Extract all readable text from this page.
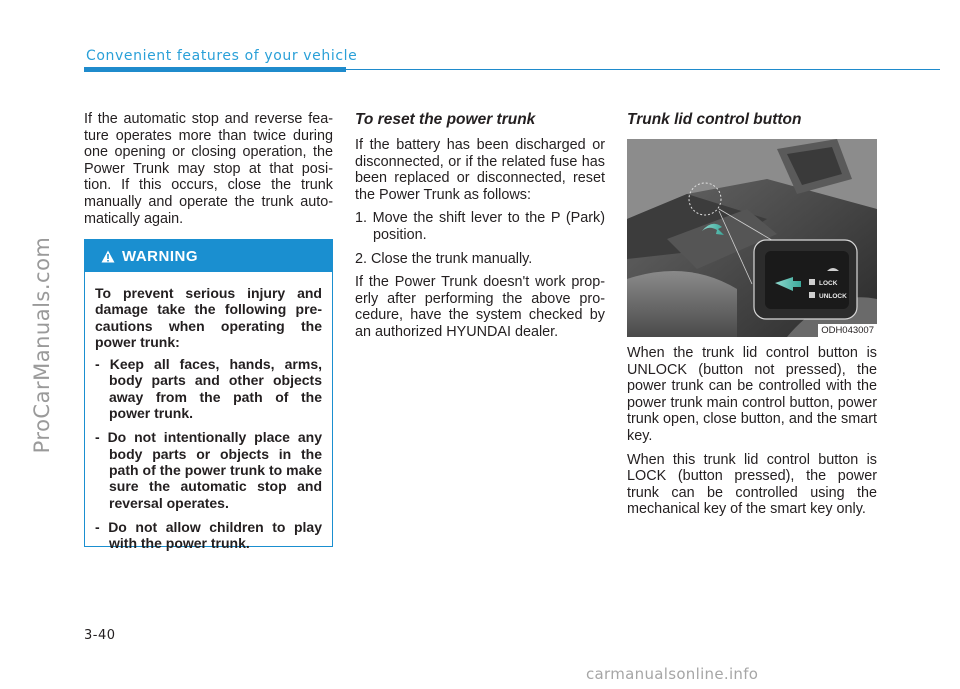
ProCarManuals.com
Convenient features of your vehicle

If the automatic stop and reverse fea-ture operates more than twice during one opening or closing operation, the Power Trunk may stop at that posi-tion. If this occurs, close the trunk manually and operate the trunk auto-matically again.

WARNING

To prevent serious injury and damage take the following pre-cautions when operating the power trunk:

- Keep all faces, hands, arms, body parts and other objects away from the path of the power trunk.

- Do not intentionally place any body parts or objects in the path of the power trunk to make sure the automatic stop and reversal operates.

- Do not allow children to play with the power trunk.

To reset the power trunk

If the battery has been discharged or disconnected, or if the related fuse has been replaced or disconnected, reset the Power Trunk as follows:

1. Move the shift lever to the P (Park) position.

2. Close the trunk manually.

If the Power Trunk doesn't work prop-erly after performing the above pro-cedure, have the system checked by an authorized HYUNDAI dealer.

Trunk lid control button
LOCK
UNLOCK
ODH043007

When the trunk lid control button is UNLOCK (button not pressed), the power trunk can be controlled with the power trunk main control button, power trunk open, close button, and the smart key.

When this trunk lid control button is LOCK (button pressed), the power trunk can be controlled using the mechanical key of the smart key only.

3-40
carmanualsonline.info
